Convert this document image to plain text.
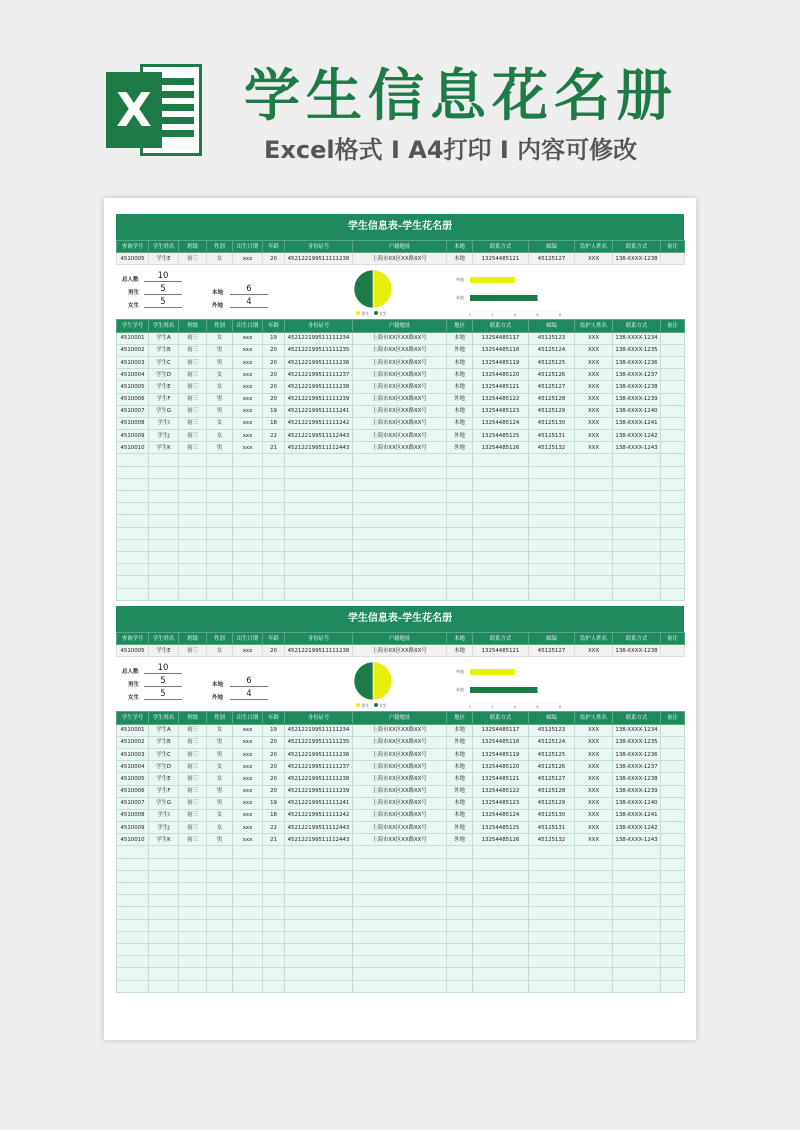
X 学生信息花名册
Excel格式 I A4打印 I 内容可修改
学生信息表-学生花名册
查询学号	学生姓名	班级	性别	出生日期	年龄	身份证号	户籍地址	本地	联系方式	邮编	监护人姓名	联系方式	备注
4510005	学生E	初三	女	xxx	20	452122199511111238	上海市XX区XX路XX号	本地	13254485121	45125127	XXX	138-XXXX-1238	
总人数	10
男生	5
女生	5
本地	6
外地	4
男生 女生
外地
本地
0	2	4	6	8
学生学号	学生姓名	班级	性别	出生日期	年龄	身份证号	户籍地址	地区	联系方式	邮编	监护人姓名	联系方式	备注
4510001	学生A	初三	女	xxx	19	452122199511111234	上海市XX区XX路XX号	本地	13254485117	45125123	XXX	138-XXXX-1234	
4510002	学生B	初三	男	xxx	20	452122199511111235	上海市XX区XX路XX号	外地	13254485118	45125124	XXX	138-XXXX-1235	
4510003	学生C	初三	男	xxx	20	452122199511111236	上海市XX区XX路XX号	本地	13254485119	45125125	XXX	138-XXXX-1236	
4510004	学生D	初三	女	xxx	20	452122199511111237	上海市XX区XX路XX号	本地	13254485120	45125126	XXX	138-XXXX-1237	
4510005	学生E	初三	女	xxx	20	452122199511111238	上海市XX区XX路XX号	本地	13254485121	45125127	XXX	138-XXXX-1238	
4510006	学生F	初三	男	xxx	20	452122199511111239	上海市XX区XX路XX号	外地	13254485122	45125128	XXX	138-XXXX-1239	
4510007	学生G	初三	男	xxx	19	452122199511111241	上海市XX区XX路XX号	本地	13254485123	45125129	XXX	138-XXXX-1240	
4510008	学生I	初三	女	xxx	18	452122199511111242	上海市XX区XX路XX号	本地	13254485124	45125130	XXX	138-XXXX-1241	
4510009	学生J	初三	女	xxx	22	452122199511112443	上海市XX区XX路XX号	外地	13254485125	45125131	XXX	138-XXXX-1242	
4510010	学生K	初三	男	xxx	21	452122199511112443	上海市XX区XX路XX号	外地	13254485126	45125132	XXX	138-XXXX-1243	

学生信息表-学生花名册
查询学号	学生姓名	班级	性别	出生日期	年龄	身份证号	户籍地址	本地	联系方式	邮编	监护人姓名	联系方式	备注
4510005	学生E	初三	女	xxx	20	452122199511111238	上海市XX区XX路XX号	本地	13254485121	45125127	XXX	138-XXXX-1238	
总人数	10
男生	5
女生	5
本地	6
外地	4
男生 女生
外地
本地
0	2	4	6	8
学生学号	学生姓名	班级	性别	出生日期	年龄	身份证号	户籍地址	地区	联系方式	邮编	监护人姓名	联系方式	备注
4510001	学生A	初三	女	xxx	19	452122199511111234	上海市XX区XX路XX号	本地	13254485117	45125123	XXX	138-XXXX-1234	
4510002	学生B	初三	男	xxx	20	452122199511111235	上海市XX区XX路XX号	外地	13254485118	45125124	XXX	138-XXXX-1235	
4510003	学生C	初三	男	xxx	20	452122199511111236	上海市XX区XX路XX号	本地	13254485119	45125125	XXX	138-XXXX-1236	
4510004	学生D	初三	女	xxx	20	452122199511111237	上海市XX区XX路XX号	本地	13254485120	45125126	XXX	138-XXXX-1237	
4510005	学生E	初三	女	xxx	20	452122199511111238	上海市XX区XX路XX号	本地	13254485121	45125127	XXX	138-XXXX-1238	
4510006	学生F	初三	男	xxx	20	452122199511111239	上海市XX区XX路XX号	外地	13254485122	45125128	XXX	138-XXXX-1239	
4510007	学生G	初三	男	xxx	19	452122199511111241	上海市XX区XX路XX号	本地	13254485123	45125129	XXX	138-XXXX-1240	
4510008	学生I	初三	女	xxx	18	452122199511111242	上海市XX区XX路XX号	本地	13254485124	45125130	XXX	138-XXXX-1241	
4510009	学生J	初三	女	xxx	22	452122199511112443	上海市XX区XX路XX号	外地	13254485125	45125131	XXX	138-XXXX-1242	
4510010	学生K	初三	男	xxx	21	452122199511112443	上海市XX区XX路XX号	外地	13254485126	45125132	XXX	138-XXXX-1243	
